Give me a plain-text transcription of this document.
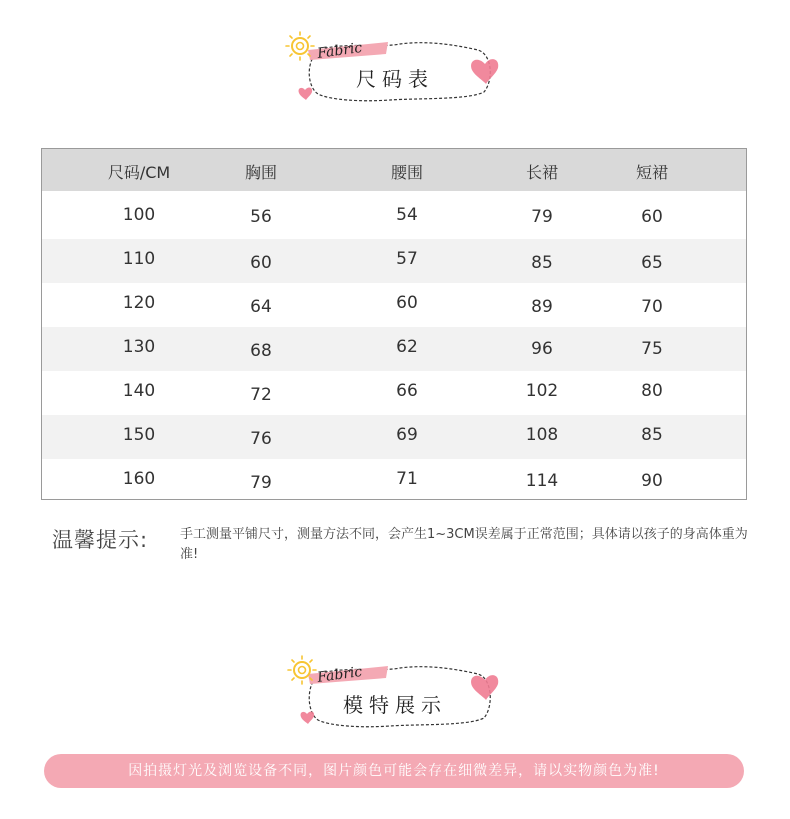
Fabric
尺码表
尺码/CM	胸围	腰围	长裙	短裙
100	56	54	79	60
110	60	57	85	65
120	64	60	89	70
130	68	62	96	75
140	72	66	102	80
150	76	69	108	85
160	79	71	114	90
温馨提示: 手工测量平铺尺寸，测量方法不同，会产生1~3CM误差属于正常范围；具体请以孩子的身高体重为准!
Fabric
模特展示
因拍摄灯光及浏览设备不同，图片颜色可能会存在细微差异，请以实物颜色为准!
